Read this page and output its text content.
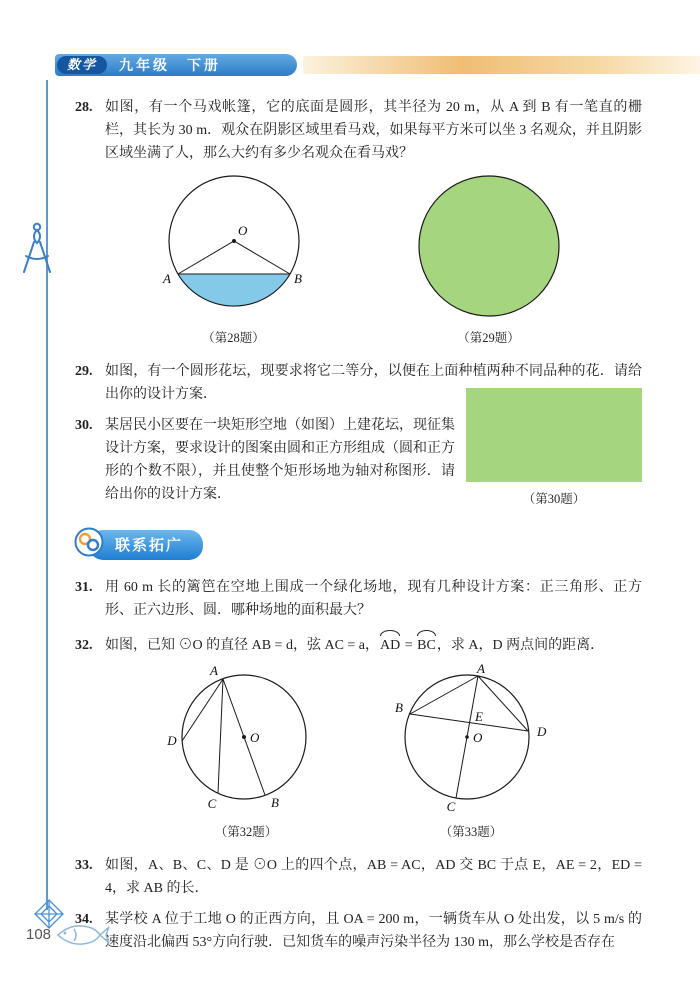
数学	九年级　下册
28. 如图，有一个马戏帐篷，它的底面是圆形，其半径为 20 m，从 A 到 B 有一笔直的栅栏，其长为 30 m．观众在阴影区域里看马戏，如果每平方米可以坐 3 名观众，并且阴影区域坐满了人，那么大约有多少名观众在看马戏？

O
A	B
（第28题）	（第29题）
29. 如图，有一个圆形花坛，现要求将它二等分，以便在上面种植两种不同品种的花．请给出你的设计方案．

30. 某居民小区要在一块矩形空地（如图）上建花坛，现征集设计方案，要求设计的图案由圆和正方形组成（圆和正方形的个数不限），并且使整个矩形场地为轴对称图形．请给出你的设计方案．	（第30题）
联系拓广
31. 用 60 m 长的篱笆在空地上围成一个绿化场地，现有几种设计方案：正三角形、正方形、正六边形、圆．哪种场地的面积最大？

32. 如图，已知 ⊙O 的直径 AB = d，弦 AC = a，AD = BC，求 A，D 两点间的距离．

A
D	O
C	B
（第32题）
A
B
E
O	D
C
（第33题）
33. 如图，A、B、C、D 是 ⊙O 上的四个点，AB = AC，AD 交 BC 于点 E，AE = 2，ED = 4，求 AB 的长．

34. 某学校 A 位于工地 O 的正西方向，且 OA = 200 m，一辆货车从 O 处出发，以 5 m/s 的速度沿北偏西 53°方向行驶．已知货车的噪声污染半径为 130 m，那么学校是否存在

108
